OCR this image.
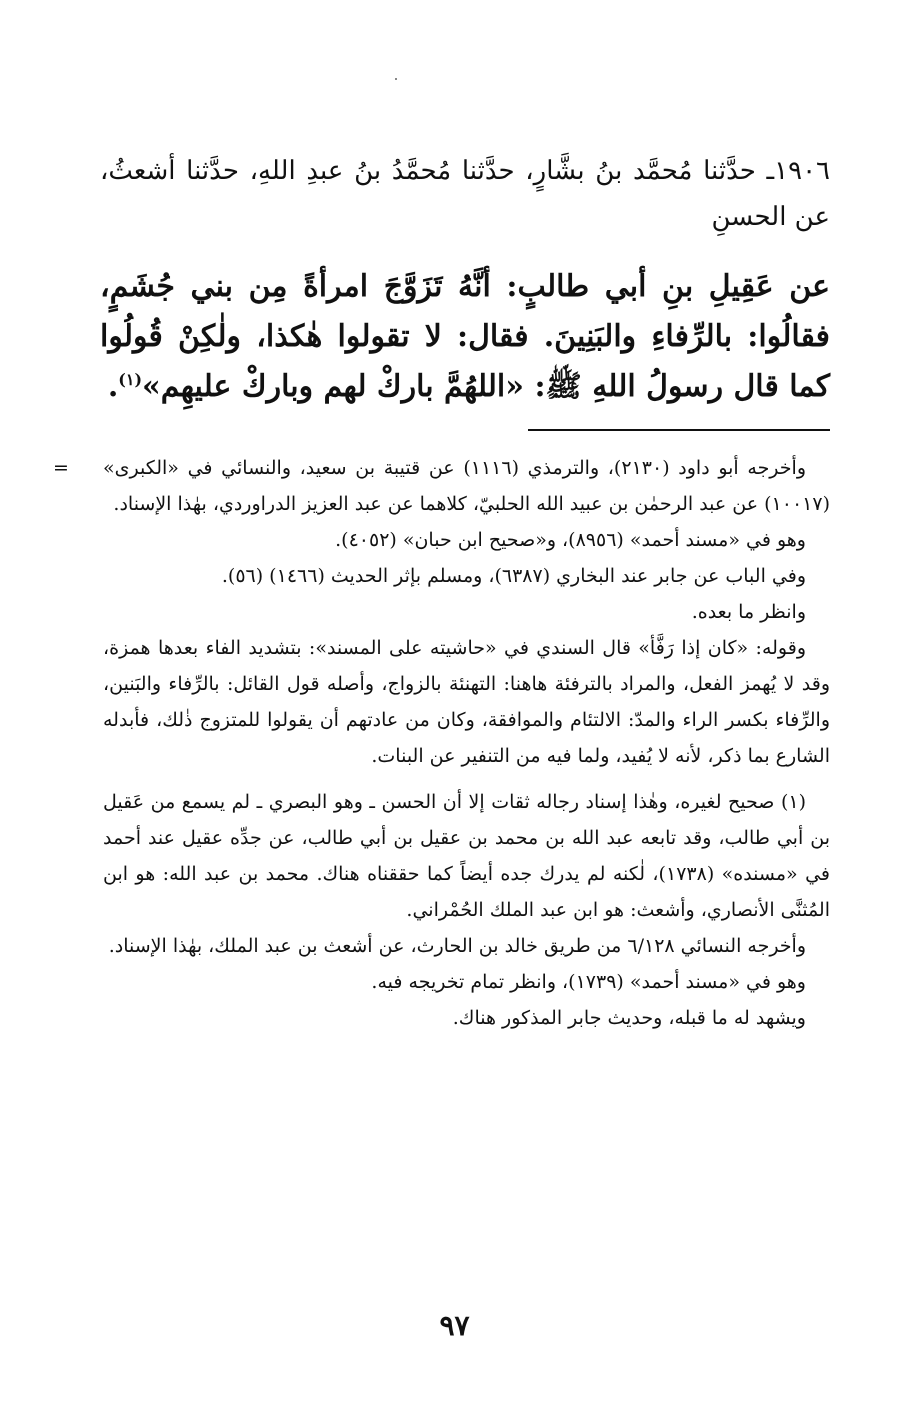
١٩٠٦ـ حدَّثنا مُحمَّد بنُ بشَّارٍ، حدَّثنا مُحمَّدُ بنُ عبدِ اللهِ، حدَّثنا أشعثُ، عن الحسنِ
عن عَقِيلِ بنِ أبي طالبٍ: أنَّهُ تَزَوَّجَ امرأةً مِن بني جُشَمٍ، فقالُوا: بالرِّفاءِ والبَنِينَ. فقال: لا تقولوا هٰكذا، ولٰكِنْ قُولُوا كما قال رسولُ اللهِ ﷺ: «اللهُمَّ باركْ لهم وباركْ عليهِم»$^{(١)}$.

=	وأخرجه أبو داود (٢١٣٠)، والترمذي (١١١٦) عن قتيبة بن سعيد، والنسائي في «الكبرى» (١٠٠١٧) عن عبد الرحمٰن بن عبيد الله الحلبيّ، كلاهما عن عبد العزيز الدراوردي، بهٰذا الإسناد.

وهو في «مسند أحمد» (٨٩٥٦)، و«صحيح ابن حبان» (٤٠٥٢).

وفي الباب عن جابر عند البخاري (٦٣٨٧)، ومسلم بإثر الحديث (١٤٦٦) (٥٦).

وانظر ما بعده.

وقوله: «كان إذا رَفَّأ» قال السندي في «حاشيته على المسند»: بتشديد الفاء بعدها همزة، وقد لا يُهمز الفعل، والمراد بالترفئة هاهنا: التهنئة بالزواج، وأصله قول القائل: بالرِّفاء والبَنين، والرِّفاء بكسر الراء والمدّ: الالتئام والموافقة، وكان من عادتهم أن يقولوا للمتزوج ذٰلك، فأبدله الشارع بما ذكر، لأنه لا يُفيد، ولما فيه من التنفير عن البنات.

(١) صحيح لغيره، وهٰذا إسناد رجاله ثقات إلا أن الحسن ـ وهو البصري ـ لم يسمع من عَقيل بن أبي طالب، وقد تابعه عبد الله بن محمد بن عقيل بن أبي طالب، عن جدِّه عقيل عند أحمد في «مسنده» (١٧٣٨)، لٰكنه لم يدرك جده أيضاً كما حققناه هناك. محمد بن عبد الله: هو ابن المُثنَّى الأنصاري، وأشعث: هو ابن عبد الملك الحُمْراني.

وأخرجه النسائي ٦/١٢٨ من طريق خالد بن الحارث، عن أشعث بن عبد الملك، بهٰذا الإسناد.

وهو في «مسند أحمد» (١٧٣٩)، وانظر تمام تخريجه فيه.

ويشهد له ما قبله، وحديث جابر المذكور هناك.

٩٧
